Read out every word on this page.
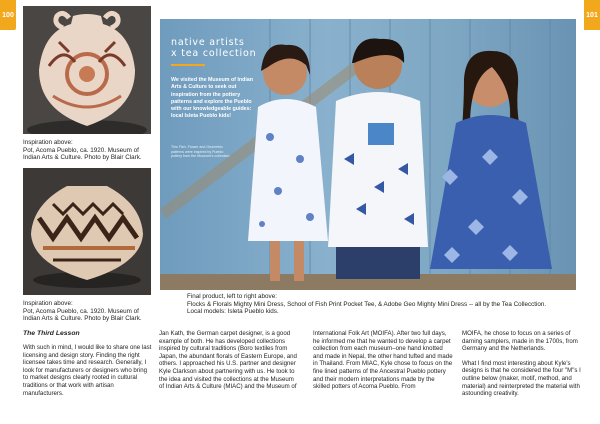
100	101
Inspiration above:
Pot, Acoma Pueblo, ca. 1920. Museum of
Indian Arts & Culture. Photo by Blair Clark.
Inspiration above:
Pot, Acoma Pueblo, ca. 1920. Museum of
Indian Arts & Culture. Photo by Blair Clark.
native artists
x tea collection
We visited the Museum of Indian Arts & Culture to seek out inspiration from the pottery patterns and explore the Pueblo with our knowledgeable guides: local Isleta Pueblo kids!
This Fish, Flower and Geometric patterns were inspired by Pueblo pottery from the Museum's collection.
Final product, left to right above:
Flocks & Florals Mighty Mini Dress, School of Fish Print Pocket Tee, & Adobe Geo Mighty Mini Dress -- all by the Tea Collecction.
Local models: Isleta Pueblo kids.
The Third Lesson
With such in mind, I would like to share one last licensing and design story. Finding the right licensee takes time and research. Generally, I look for manufacturers or designers who bring to market designs clearly rooted in cultural traditions or that work with artisan manufacturers.
Jan Kath, the German carpet designer, is a good example of both. He has developed collections inspired by cultural traditions (Boro textiles from Japan, the abundant florals of Eastern Europe, and others. I approached his U.S. partner and designer Kyle Clarkson about partnering with us. He took to the idea and visited the collections at the Museum of Indian Arts & Culture (MIAC) and the Museum of
International Folk Art (MOIFA). After two full days, he informed me that he wanted to develop a carpet collection from each museum–one hand knotted and made in Nepal, the other hand tufted and made in Thailand. From MIAC, Kyle chose to focus on the fine lined patterns of the Ancestral Pueblo pottery and their modern interpretations made by the skilled potters of Acoma Pueblo. From
MOIFA, he chose to focus on a series of darning samplers, made in the 1700s, from Germany and the Netherlands.
What I find most interesting about Kyle's designs is that he considered the four "M"s I outline below (maker, motif, method, and material) and reinterpreted the material with astounding creativity.
